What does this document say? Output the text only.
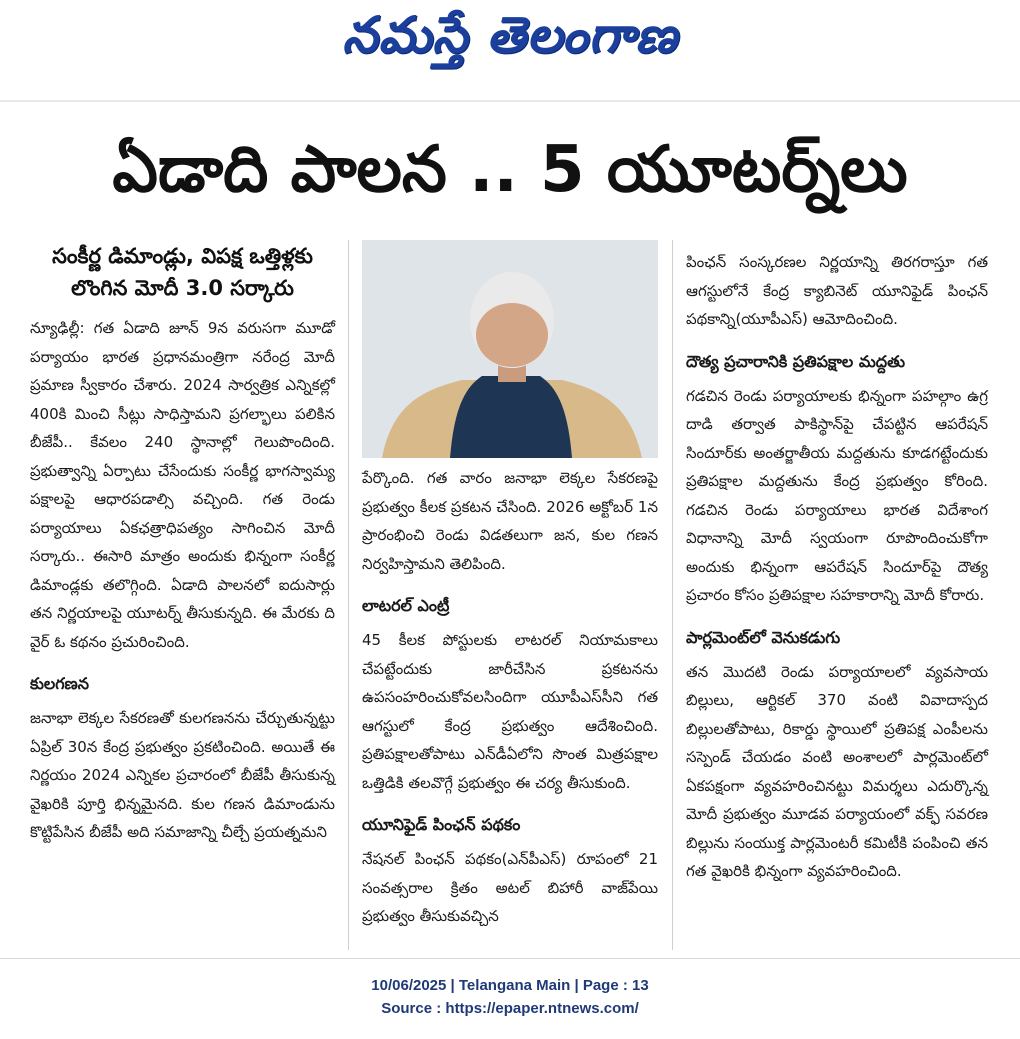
నమస్తే తెలంగాణ
ఏడాది పాలన .. 5 యూటర్న్‌లు
సంకీర్ణ డిమాండ్లు, విపక్ష ఒత్తిళ్లకు లొంగిన మోదీ 3.0 సర్కారు

న్యూఢిల్లీ: గత ఏడాది జూన్ 9న వరుసగా మూడో పర్యాయం భారత ప్రధానమంత్రిగా నరేంద్ర మోదీ ప్రమాణ స్వీకారం చేశారు. 2024 సార్వత్రిక ఎన్నికల్లో 400కి మించి సీట్లు సాధిస్తామని ప్రగల్భాలు పలికిన బీజేపీ.. కేవలం 240 స్థానాల్లో గెలుపొందింది. ప్రభుత్వాన్ని ఏర్పాటు చేసేందుకు సంకీర్ణ భాగస్వామ్య పక్షాలపై ఆధారపడాల్సి వచ్చింది. గత రెండు పర్యాయాలు ఏకఛత్రాధిపత్యం సాగించిన మోదీ సర్కారు.. ఈసారి మాత్రం అందుకు భిన్నంగా సంకీర్ణ డిమాండ్లకు తలొగ్గింది. ఏడాది పాలనలో ఐదుసార్లు తన నిర్ణయాలపై యూటర్న్ తీసుకున్నది. ఈ మేరకు ది వైర్ ఓ కథనం ప్రచురించింది.

కులగణన

జనాభా లెక్కల సేకరణతో కులగణనను చేర్చుతున్నట్టు ఏప్రిల్ 30న కేంద్ర ప్రభుత్వం ప్రకటించింది. అయితే ఈ నిర్ణయం 2024 ఎన్నికల ప్రచారంలో బీజేపీ తీసుకున్న వైఖరికి పూర్తి భిన్నమైనది. కుల గణన డిమాండును కొట్టిపేసిన బీజేపీ అది సమాజాన్ని చీల్చే ప్రయత్నమని

పేర్కొంది. గత వారం జనాభా లెక్కల సేకరణపై ప్రభుత్వం కీలక ప్రకటన చేసింది. 2026 అక్టోబర్ 1న ప్రారంభించి రెండు విడతలుగా జన, కుల గణన నిర్వహిస్తామని తెలిపింది.

లాటరల్ ఎంట్రీ

45 కీలక పోస్టులకు లాటరల్ నియామకాలు చేపట్టేందుకు జారీచేసిన ప్రకటనను ఉపసంహరించుకోవలసిందిగా యూపీఎస్‌సీని గత ఆగస్టులో కేంద్ర ప్రభుత్వం ఆదేశించింది. ప్రతిపక్షాలతోపాటు ఎన్‌డీఏలోని సొంత మిత్రపక్షాల ఒత్తిడికి తలవొగ్గే ప్రభుత్వం ఈ చర్య తీసుకుంది.

యూనిఫైడ్ పింఛన్ పథకం

నేషనల్ పింఛన్ పథకం(ఎన్‌పీఎస్) రూపంలో 21 సంవత్సరాల క్రితం అటల్ బిహారీ వాజ్‌పేయి ప్రభుత్వం తీసుకువచ్చిన

పింఛన్ సంస్కరణల నిర్ణయాన్ని తిరగరాస్తూ గత ఆగస్టులోనే కేంద్ర క్యాబినెట్ యూనిఫైడ్ పింఛన్ పథకాన్ని(యూపీఎస్) ఆమోదించింది.

దౌత్య ప్రచారానికి ప్రతిపక్షాల మద్దతు

గడచిన రెండు పర్యాయాలకు భిన్నంగా పహల్గాం ఉగ్ర దాడి తర్వాత పాకిస్థాన్‌పై చేపట్టిన ఆపరేషన్ సిందూర్‌కు అంతర్జాతీయ మద్దతును కూడగట్టేందుకు ప్రతిపక్షాల మద్దతును కేంద్ర ప్రభుత్వం కోరింది. గడచిన రెండు పర్యాయాలు భారత విదేశాంగ విధానాన్ని మోదీ స్వయంగా రూపొందించుకోగా అందుకు భిన్నంగా ఆపరేషన్ సిందూర్‌పై దౌత్య ప్రచారం కోసం ప్రతిపక్షాల సహకారాన్ని మోదీ కోరారు.

పార్లమెంట్‌లో వెనుకడుగు

తన మొదటి రెండు పర్యాయాలలో వ్యవసాయ బిల్లులు, ఆర్టికల్ 370 వంటి వివాదాస్పద బిల్లులతోపాటు, రికార్డు స్థాయిలో ప్రతిపక్ష ఎంపీలను సస్పెండ్ చేయడం వంటి అంశాలలో పార్లమెంట్‌లో ఏకపక్షంగా వ్యవహరించినట్టు విమర్శలు ఎదుర్కొన్న మోదీ ప్రభుత్వం మూడవ పర్యాయంలో వక్ఫ్ సవరణ బిల్లును సంయుక్త పార్లమెంటరీ కమిటీకి పంపించి తన గత వైఖరికి భిన్నంగా వ్యవహరించింది.

10/06/2025 | Telangana Main | Page : 13
Source : https://epaper.ntnews.com/
